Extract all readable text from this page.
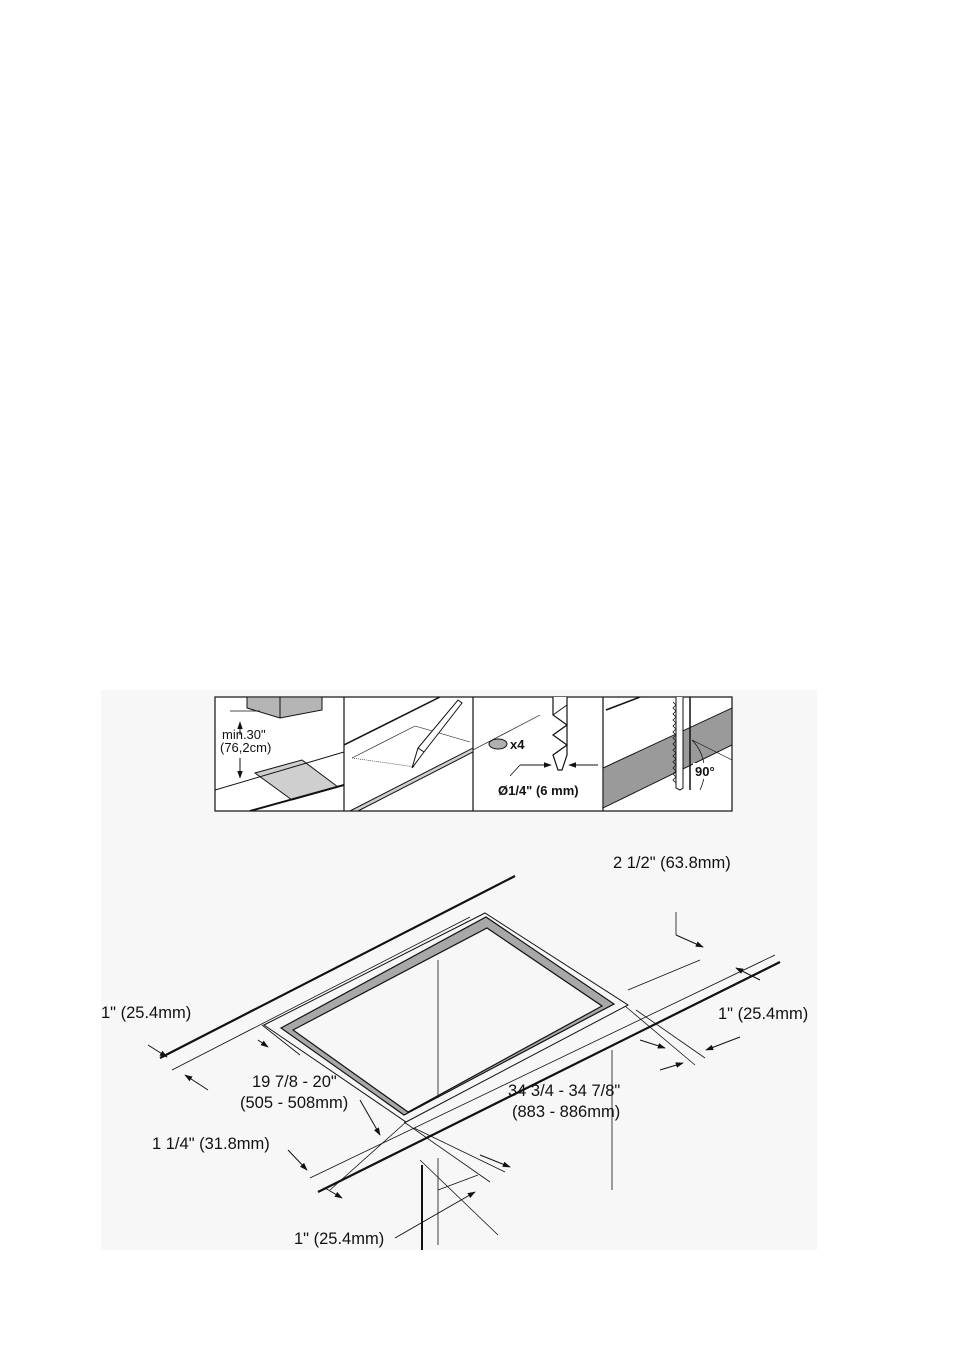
min.30"
(76,2cm)	x4
Ø1/4" (6 mm)
90°
2 1/2" (63.8mm)
1" (25.4mm)	1" (25.4mm)
19 7/8 - 20"
(505 - 508mm)
34 3/4 - 34 7/8"
(883 - 886mm)
1 1/4" (31.8mm)
1" (25.4mm)
